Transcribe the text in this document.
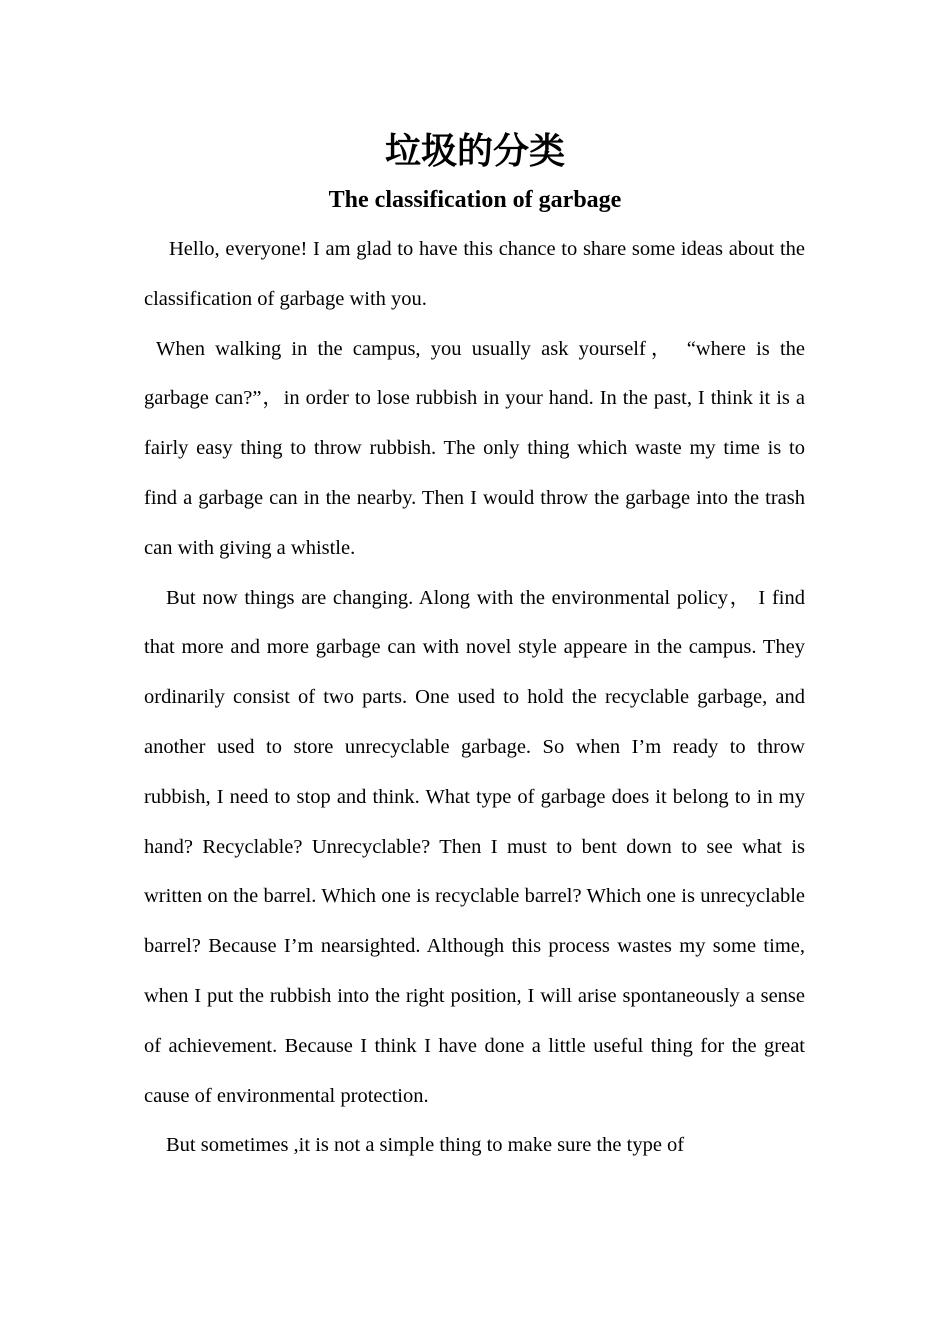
垃圾的分类
The classification of garbage

Hello, everyone! I am glad to have this chance to share some ideas about the classification of garbage with you.

When walking in the campus, you usually ask yourself， “where is the garbage can?”，in order to lose rubbish in your hand. In the past, I think it is a fairly easy thing to throw rubbish. The only thing which waste my time is to find a garbage can in the nearby. Then I would throw the garbage into the trash can with giving a whistle.

But now things are changing. Along with the environmental policy， I find that more and more garbage can with novel style appeare in the campus. They ordinarily consist of two parts. One used to hold the recyclable garbage, and another used to store unrecyclable garbage. So when I’m ready to throw rubbish, I need to stop and think. What type of garbage does it belong to in my hand? Recyclable? Unrecyclable? Then I must to bent down to see what is written on the barrel. Which one is recyclable barrel? Which one is unrecyclable barrel? Because I’m nearsighted. Although this process wastes my some time, when I put the rubbish into the right position, I will arise spontaneously a sense of achievement. Because I think I have done a little useful thing for the great cause of environmental protection.

But sometimes ,it is not a simple thing to make sure the type of
